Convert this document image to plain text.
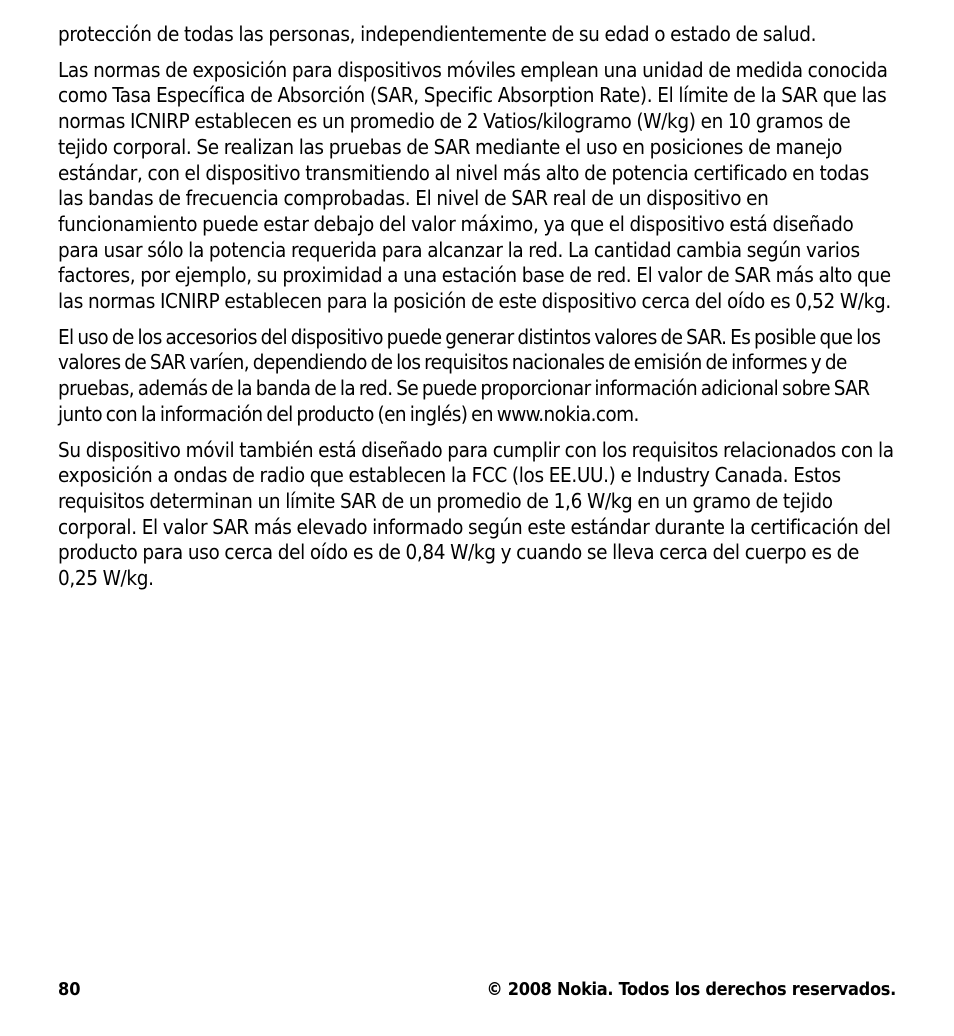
protección de todas las personas, independientemente de su edad o estado de salud.

Las normas de exposición para dispositivos móviles emplean una unidad de medida conocida como Tasa Específica de Absorción (SAR, Specific Absorption Rate). El límite de la SAR que las normas ICNIRP establecen es un promedio de 2 Vatios/kilogramo (W/kg) en 10 gramos de tejido corporal. Se realizan las pruebas de SAR mediante el uso en posiciones de manejo estándar, con el dispositivo transmitiendo al nivel más alto de potencia certificado en todas las bandas de frecuencia comprobadas. El nivel de SAR real de un dispositivo en funcionamiento puede estar debajo del valor máximo, ya que el dispositivo está diseñado para usar sólo la potencia requerida para alcanzar la red. La cantidad cambia según varios factores, por ejemplo, su proximidad a una estación base de red. El valor de SAR más alto que las normas ICNIRP establecen para la posición de este dispositivo cerca del oído es 0,52 W/kg.

El uso de los accesorios del dispositivo puede generar distintos valores de SAR. Es posible que los valores de SAR varíen, dependiendo de los requisitos nacionales de emisión de informes y de pruebas, además de la banda de la red. Se puede proporcionar información adicional sobre SAR junto con la información del producto (en inglés) en www.nokia.com.

Su dispositivo móvil también está diseñado para cumplir con los requisitos relacionados con la exposición a ondas de radio que establecen la FCC (los EE.UU.) e Industry Canada. Estos requisitos determinan un límite SAR de un promedio de 1,6 W/kg en un gramo de tejido corporal. El valor SAR más elevado informado según este estándar durante la certificación del producto para uso cerca del oído es de 0,84 W/kg y cuando se lleva cerca del cuerpo es de 0,25 W/kg.

80	© 2008 Nokia. Todos los derechos reservados.
